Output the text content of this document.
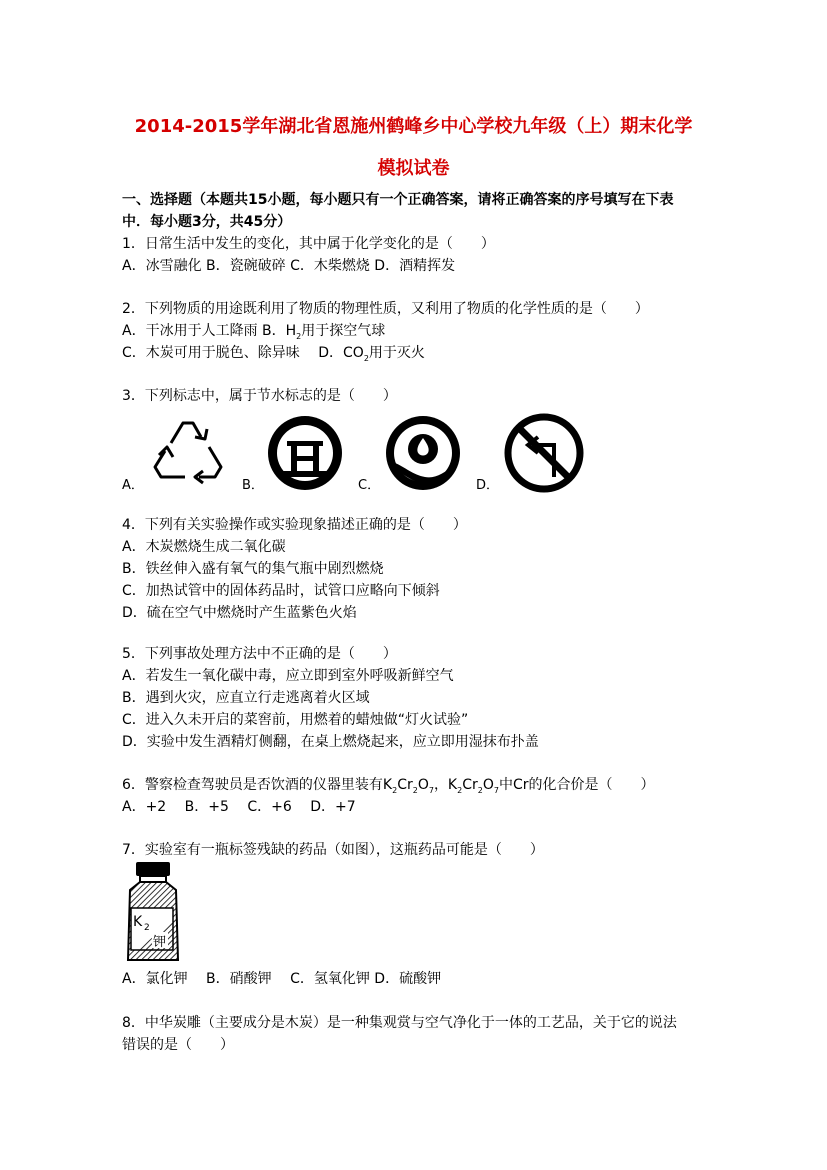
2014-2015学年湖北省恩施州鹤峰乡中心学校九年级（上）期末化学
模拟试卷
一、选择题（本题共15小题，每小题只有一个正确答案，请将正确答案的序号填写在下表
中．每小题3分，共45分）
1．日常生活中发生的变化，其中属于化学变化的是（　　）
A．冰雪融化 B．瓷碗破碎 C．木柴燃烧 D．酒精挥发
2．下列物质的用途既利用了物质的物理性质，又利用了物质的化学性质的是（　　）
A．干冰用于人工降雨 B．$H_2$用于探空气球
C．木炭可用于脱色、除异味　 D．$CO_2$用于灭火
3．下列标志中，属于节水标志的是（　　）
A．	B．	C．	D．
4．下列有关实验操作或实验现象描述正确的是（　　）
A．木炭燃烧生成二氧化碳
B．铁丝伸入盛有氧气的集气瓶中剧烈燃烧
C．加热试管中的固体药品时，试管口应略向下倾斜
D．硫在空气中燃烧时产生蓝紫色火焰
5．下列事故处理方法中不正确的是（　　）
A．若发生一氧化碳中毒，应立即到室外呼吸新鲜空气
B．遇到火灾，应直立行走逃离着火区域
C．进入久未开启的菜窖前，用燃着的蜡烛做“灯火试验”
D．实验中发生酒精灯侧翻，在桌上燃烧起来，应立即用湿抹布扑盖
6．警察检查驾驶员是否饮酒的仪器里装有$K_2Cr_2O_7$，$K_2Cr_2O_7$中Cr的化合价是（　　）
A．+2　 B．+5　 C．+6　 D．+7
7．实验室有一瓶标签残缺的药品（如图），这瓶药品可能是（　　）
K 2
钾
A．氯化钾　 B．硝酸钾　 C．氢氧化钾 D．硫酸钾
8．中华炭雕（主要成分是木炭）是一种集观赏与空气净化于一体的工艺品，关于它的说法
错误的是（　　）
